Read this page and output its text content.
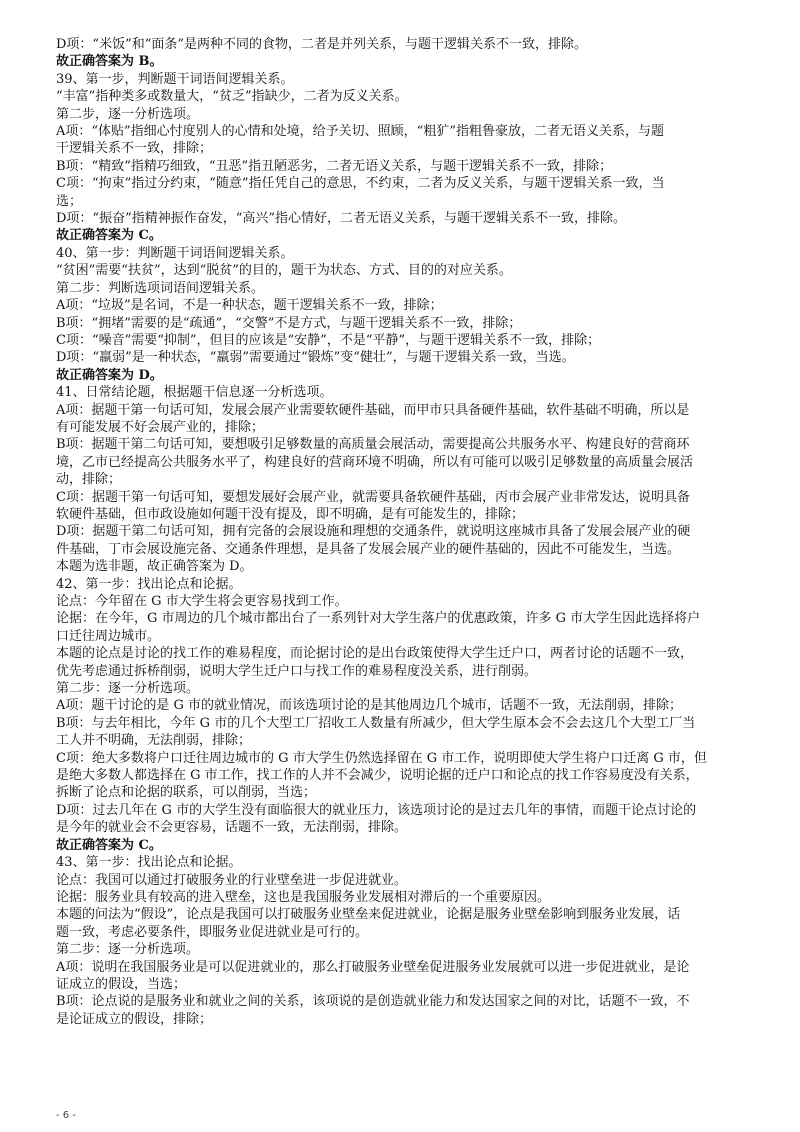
D项：“米饭”和“面条”是两种不同的食物，二者是并列关系，与题干逻辑关系不一致，排除。
故正确答案为 B。
39、第一步，判断题干词语间逻辑关系。
“丰富”指种类多或数量大，“贫乏”指缺少，二者为反义关系。
第二步，逐一分析选项。
A项：“体贴”指细心忖度别人的心情和处境，给予关切、照顾，“粗犷”指粗鲁豪放，二者无语义关系，与题
干逻辑关系不一致，排除；
B项：“精致”指精巧细致，“丑恶”指丑陋恶劣，二者无语义关系，与题干逻辑关系不一致，排除；
C项：“拘束”指过分约束，“随意”指任凭自己的意思，不约束，二者为反义关系，与题干逻辑关系一致，当
选；
D项：“振奋”指精神振作奋发，“高兴”指心情好，二者无语义关系，与题干逻辑关系不一致，排除。
故正确答案为 C。
40、第一步：判断题干词语间逻辑关系。
“贫困”需要“扶贫”，达到“脱贫”的目的，题干为状态、方式、目的的对应关系。
第二步：判断选项词语间逻辑关系。
A项：“垃圾”是名词，不是一种状态，题干逻辑关系不一致，排除；
B项：“拥堵”需要的是“疏通”，“交警”不是方式，与题干逻辑关系不一致，排除；
C项：“噪音”需要“抑制”，但目的应该是“安静”，不是“平静”，与题干逻辑关系不一致，排除；
D项：“羸弱”是一种状态，“羸弱”需要通过“锻炼”变“健壮”，与题干逻辑关系一致，当选。
故正确答案为 D。
41、日常结论题，根据题干信息逐一分析选项。
A项：据题干第一句话可知，发展会展产业需要软硬件基础，而甲市只具备硬件基础，软件基础不明确，所以是
有可能发展不好会展产业的，排除；
B项：据题干第二句话可知，要想吸引足够数量的高质量会展活动，需要提高公共服务水平、构建良好的营商环
境，乙市已经提高公共服务水平了，构建良好的营商环境不明确，所以有可能可以吸引足够数量的高质量会展活
动，排除；
C项：据题干第一句话可知，要想发展好会展产业，就需要具备软硬件基础，丙市会展产业非常发达，说明具备
软硬件基础，但市政设施如何题干没有提及，即不明确，是有可能发生的，排除；
D项：据题干第二句话可知，拥有完备的会展设施和理想的交通条件，就说明这座城市具备了发展会展产业的硬
件基础，丁市会展设施完备、交通条件理想，是具备了发展会展产业的硬件基础的，因此不可能发生，当选。
本题为选非题，故正确答案为 D。
42、第一步：找出论点和论据。
论点：今年留在 G 市大学生将会更容易找到工作。
论据：在今年，G 市周边的几个城市都出台了一系列针对大学生落户的优惠政策，许多 G 市大学生因此选择将户
口迁往周边城市。
本题的论点是讨论的找工作的难易程度，而论据讨论的是出台政策使得大学生迁户口，两者讨论的话题不一致，
优先考虑通过拆桥削弱，说明大学生迁户口与找工作的难易程度没关系，进行削弱。
第二步：逐一分析选项。
A项：题干讨论的是 G 市的就业情况，而该选项讨论的是其他周边几个城市，话题不一致，无法削弱，排除；
B项：与去年相比，今年 G 市的几个大型工厂招收工人数量有所减少，但大学生原本会不会去这几个大型工厂当
工人并不明确，无法削弱，排除；
C项：绝大多数将户口迁往周边城市的 G 市大学生仍然选择留在 G 市工作，说明即使大学生将户口迁离 G 市，但
是绝大多数人都选择在 G 市工作，找工作的人并不会减少，说明论据的迁户口和论点的找工作容易度没有关系，
拆断了论点和论据的联系，可以削弱，当选；
D项：过去几年在 G 市的大学生没有面临很大的就业压力，该选项讨论的是过去几年的事情，而题干论点讨论的
是今年的就业会不会更容易，话题不一致，无法削弱，排除。
故正确答案为 C。
43、第一步：找出论点和论据。
论点：我国可以通过打破服务业的行业壁垒进一步促进就业。
论据：服务业具有较高的进入壁垒，这也是我国服务业发展相对滞后的一个重要原因。
本题的问法为“假设”，论点是我国可以打破服务业壁垒来促进就业，论据是服务业壁垒影响到服务业发展，话
题一致，考虑必要条件，即服务业促进就业是可行的。
第二步：逐一分析选项。
A项：说明在我国服务业是可以促进就业的，那么打破服务业壁垒促进服务业发展就可以进一步促进就业，是论
证成立的假设，当选；
B项：论点说的是服务业和就业之间的关系，该项说的是创造就业能力和发达国家之间的对比，话题不一致，不
是论证成立的假设，排除；
- 6 -
